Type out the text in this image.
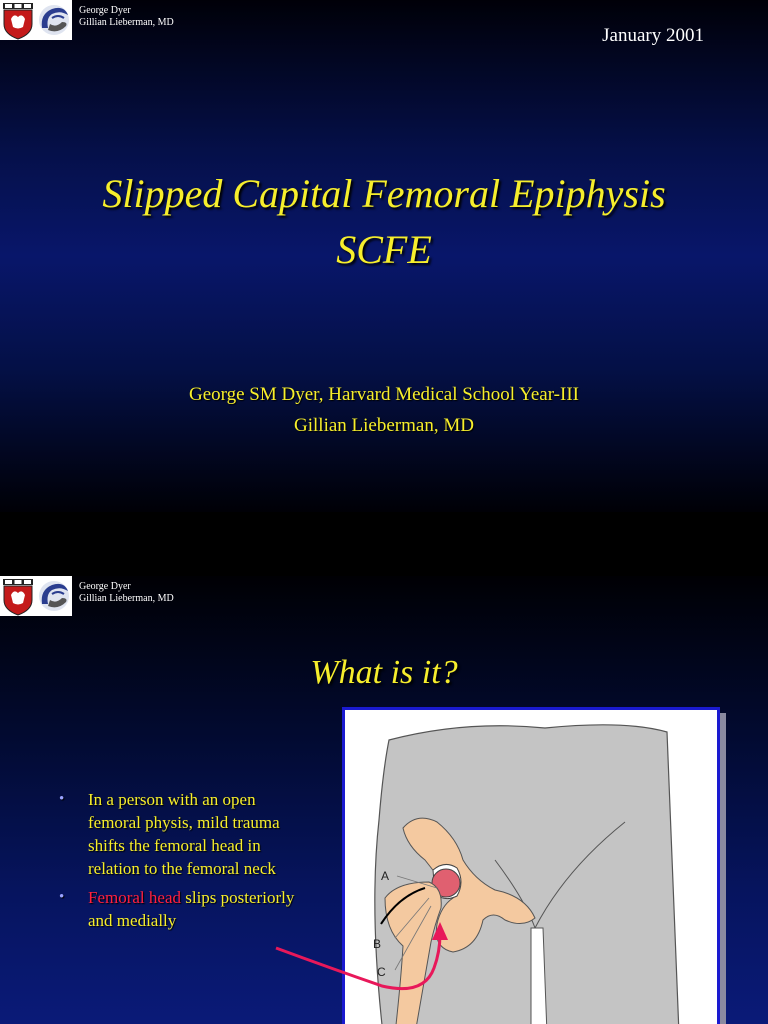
George Dyer
Gillian Lieberman, MD
January 2001
Slipped Capital Femoral Epiphysis
SCFE
George SM Dyer, Harvard Medical School Year-III
Gillian Lieberman, MD
George Dyer
Gillian Lieberman, MD
What is it?
• In a person with an open femoral physis, mild trauma shifts the femoral head in relation to the femoral neck
• Femoral head slips posteriorly and medially
A
B
C
